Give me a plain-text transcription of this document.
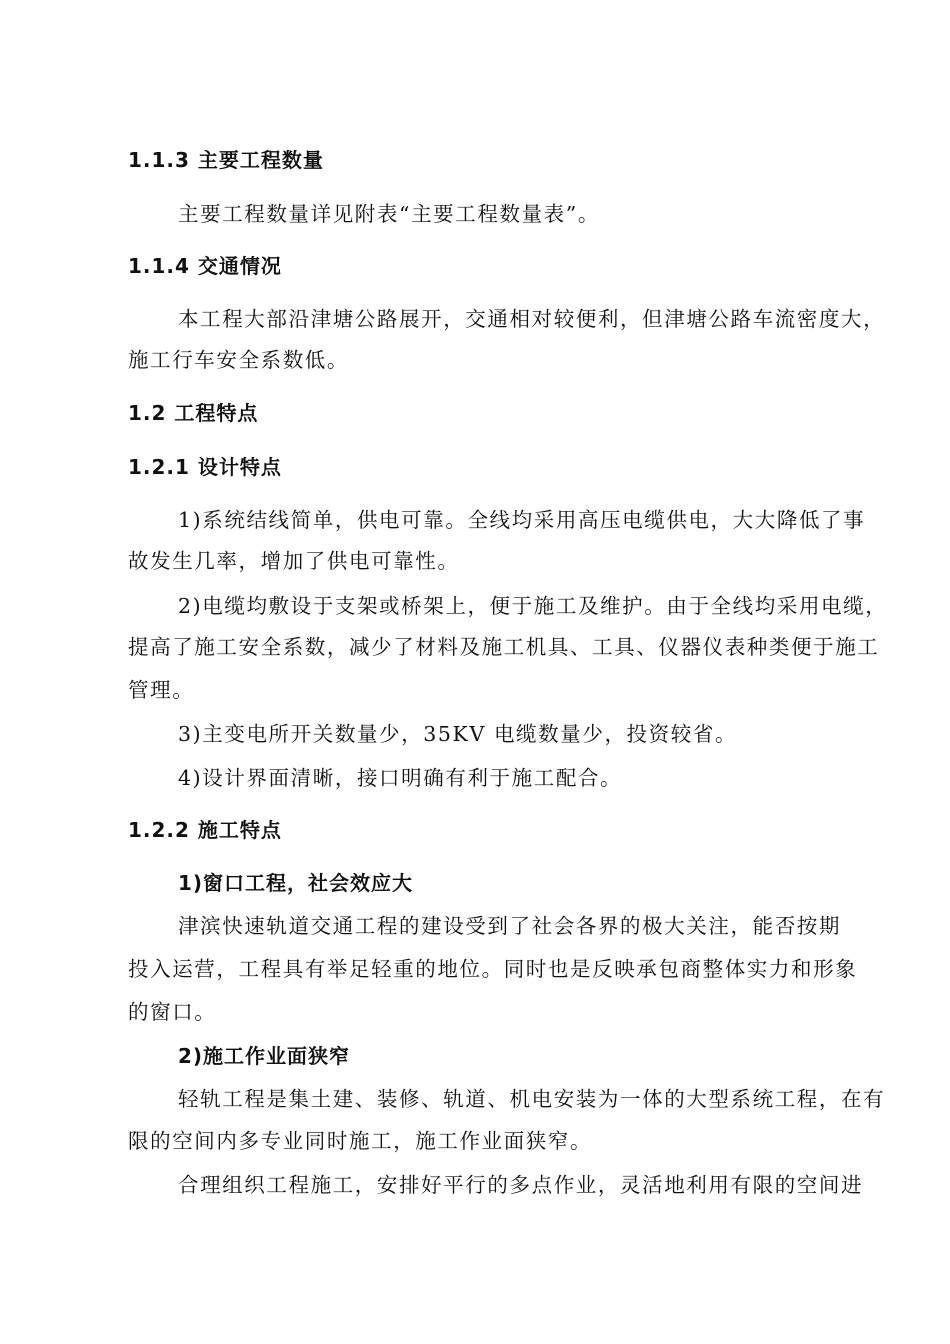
1.1.3 主要工程数量
主要工程数量详见附表“主要工程数量表”。
1.1.4 交通情况
本工程大部沿津塘公路展开，交通相对较便利，但津塘公路车流密度大，
施工行车安全系数低。
1.2 工程特点
1.2.1 设计特点
1)系统结线简单，供电可靠。全线均采用高压电缆供电，大大降低了事
故发生几率，增加了供电可靠性。
2)电缆均敷设于支架或桥架上，便于施工及维护。由于全线均采用电缆，
提高了施工安全系数，减少了材料及施工机具、工具、仪器仪表种类便于施工
管理。
3)主变电所开关数量少，35KV 电缆数量少，投资较省。
4)设计界面清晰，接口明确有利于施工配合。
1.2.2 施工特点
1)窗口工程，社会效应大
津滨快速轨道交通工程的建设受到了社会各界的极大关注，能否按期
投入运营，工程具有举足轻重的地位。同时也是反映承包商整体实力和形象
的窗口。
2)施工作业面狭窄
轻轨工程是集土建、装修、轨道、机电安装为一体的大型系统工程，在有
限的空间内多专业同时施工，施工作业面狭窄。
合理组织工程施工，安排好平行的多点作业，灵活地利用有限的空间进
